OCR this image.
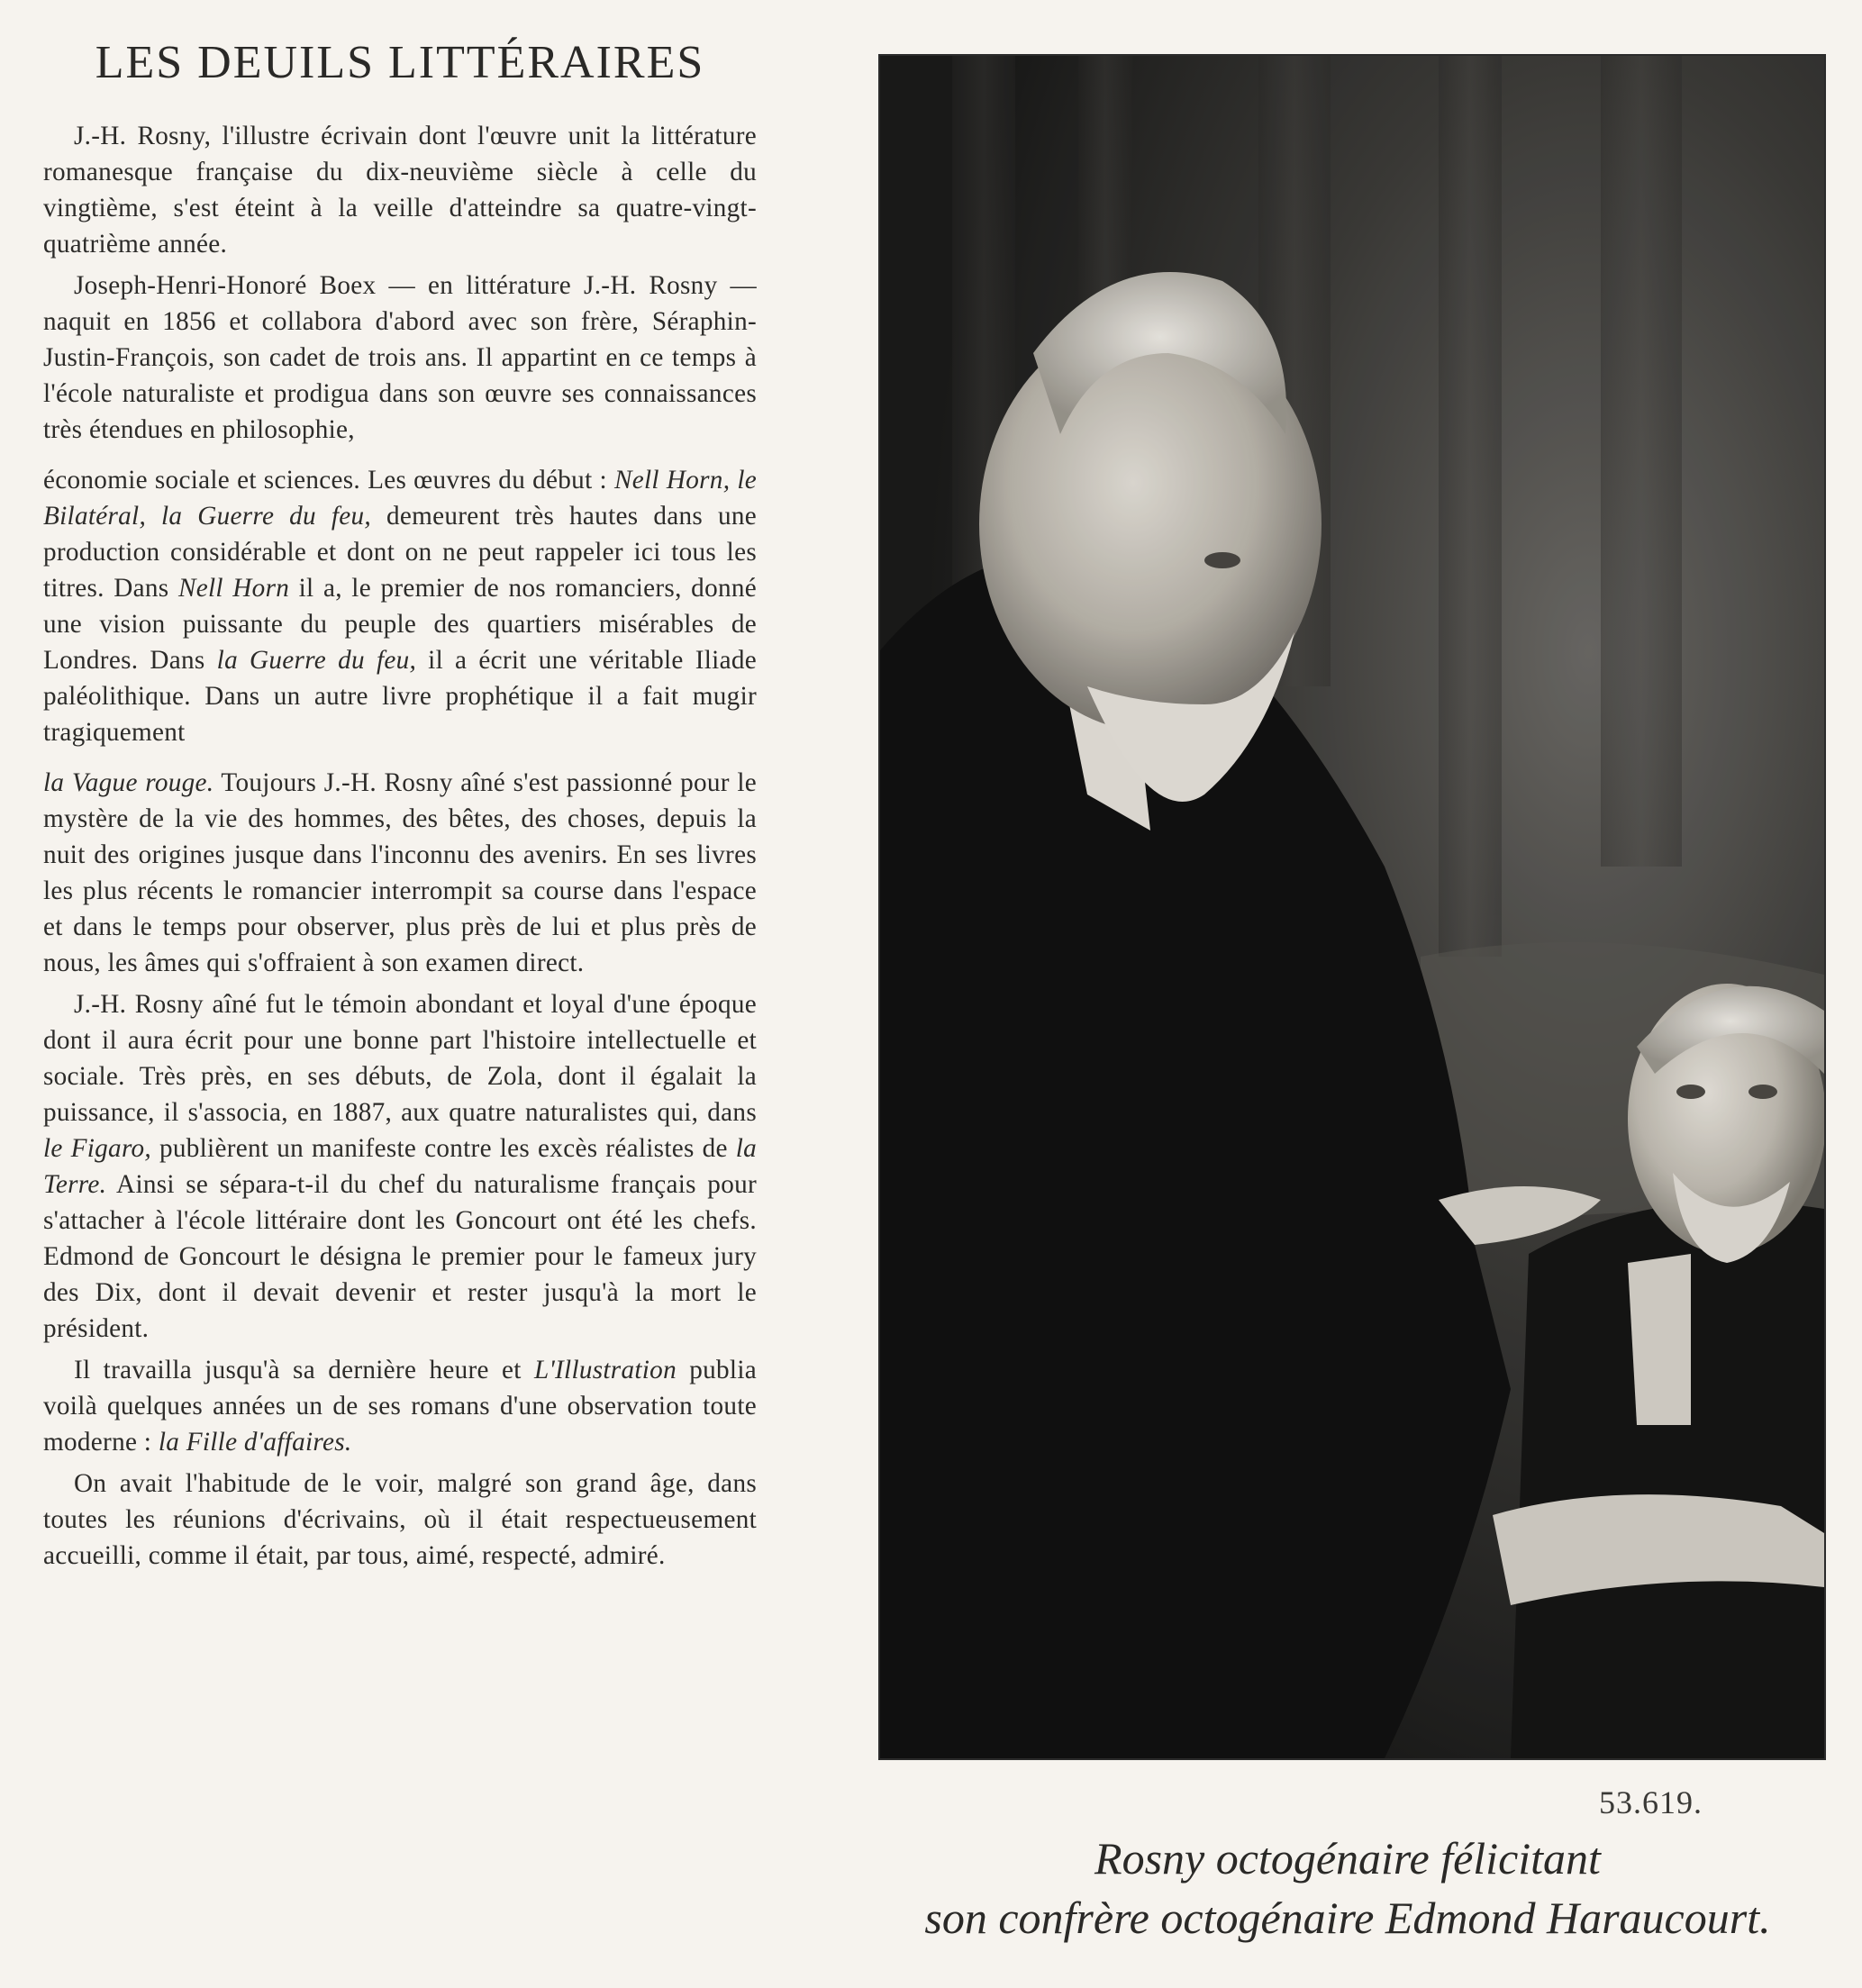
LES DEUILS LITTÉRAIRES

J.-H. Rosny, l'illustre écrivain dont l'œuvre unit la littérature romanesque française du dix-neuvième siècle à celle du vingtième, s'est éteint à la veille d'atteindre sa quatre-vingt-quatrième année.

Joseph-Henri-Honoré Boex — en littérature J.-H. Rosny — naquit en 1856 et collabora d'abord avec son frère, Séraphin-Justin-François, son cadet de trois ans. Il appartint en ce temps à l'école naturaliste et prodigua dans son œuvre ses connaissances très étendues en philosophie,

économie sociale et sciences. Les œuvres du début : Nell Horn, le Bilatéral, la Guerre du feu, demeurent très hautes dans une production considérable et dont on ne peut rappeler ici tous les titres. Dans Nell Horn il a, le premier de nos romanciers, donné une vision puissante du peuple des quartiers misérables de Londres. Dans la Guerre du feu, il a écrit une véritable Iliade paléolithique. Dans un autre livre prophétique il a fait mugir tragiquement

la Vague rouge. Toujours J.-H. Rosny aîné s'est passionné pour le mystère de la vie des hommes, des bêtes, des choses, depuis la nuit des origines jusque dans l'inconnu des avenirs. En ses livres les plus récents le romancier interrompit sa course dans l'espace et dans le temps pour observer, plus près de lui et plus près de nous, les âmes qui s'offraient à son examen direct.

J.-H. Rosny aîné fut le témoin abondant et loyal d'une époque dont il aura écrit pour une bonne part l'histoire intellectuelle et sociale. Très près, en ses débuts, de Zola, dont il égalait la puissance, il s'associa, en 1887, aux quatre naturalistes qui, dans le Figaro, publièrent un manifeste contre les excès réalistes de la Terre. Ainsi se sépara-t-il du chef du naturalisme français pour s'attacher à l'école littéraire dont les Goncourt ont été les chefs. Edmond de Goncourt le désigna le premier pour le fameux jury des Dix, dont il devait devenir et rester jusqu'à la mort le président.

Il travailla jusqu'à sa dernière heure et L'Illustration publia voilà quelques années un de ses romans d'une observation toute moderne : la Fille d'affaires.

On avait l'habitude de le voir, malgré son grand âge, dans toutes les réunions d'écrivains, où il était respectueusement accueilli, comme il était, par tous, aimé, respecté, admiré.

53.619.
Rosny octogénaire félicitant
son confrère octogénaire Edmond Haraucourt.
